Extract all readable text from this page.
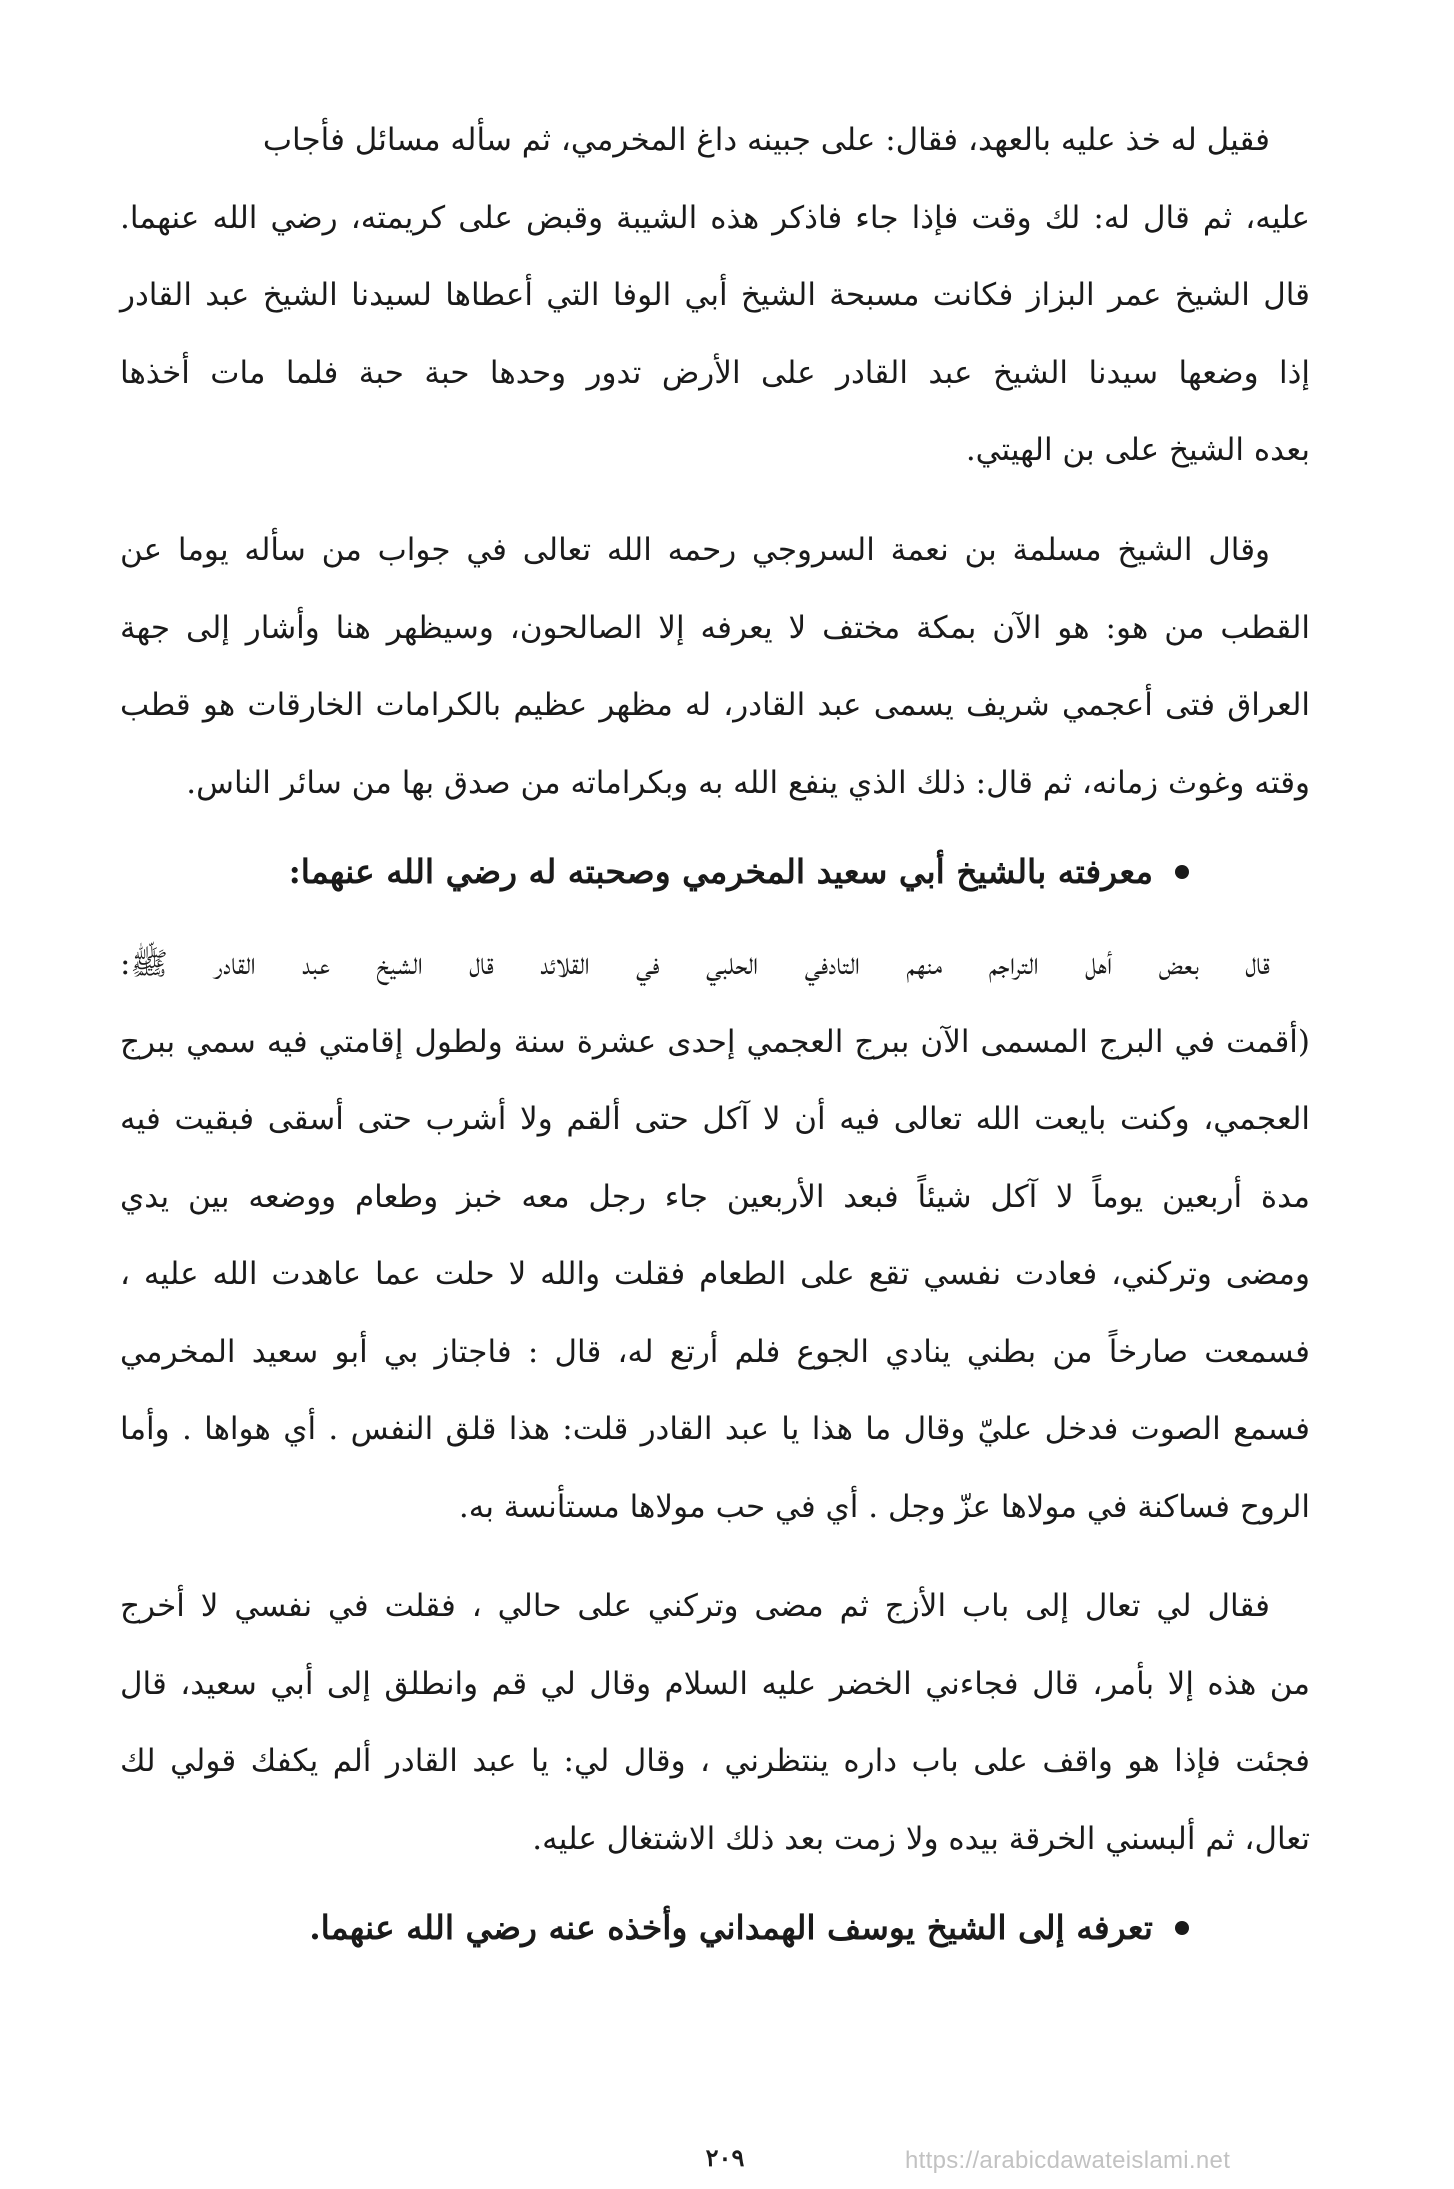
فقيل له خذ عليه بالعهد، فقال: على جبينه داغ المخرمي، ثم سأله مسائل فأجاب
عليه، ثم قال له: لك وقت فإذا جاء فاذكر هذه الشيبة وقبض على كريمته، رضي الله عنهما.
قال الشيخ عمر البزاز فكانت مسبحة الشيخ أبي الوفا التي أعطاها لسيدنا الشيخ عبد القادر
إذا وضعها سيدنا الشيخ عبد القادر على الأرض تدور وحدها حبة حبة فلما مات أخذها
بعده الشيخ على بن الهيتي.

وقال الشيخ مسلمة بن نعمة السروجي رحمه الله تعالى في جواب من سأله يوما عن
القطب من هو: هو الآن بمكة مختف لا يعرفه إلا الصالحون، وسيظهر هنا وأشار إلى جهة
العراق فتى أعجمي شريف يسمى عبد القادر، له مظهر عظيم بالكرامات الخارقات هو قطب
وقته وغوث زمانه، ثم قال: ذلك الذي ينفع الله به وبكراماته من صدق بها من سائر الناس.

معرفته بالشيخ أبي سعيد المخرمي وصحبته له رضي الله عنهما:

قال بعض أهل التراجم منهم التادفي الحلبي في القلائد قال الشيخ عبد القادر ﷺ:
(أقمت في البرج المسمى الآن ببرج العجمي إحدى عشرة سنة ولطول إقامتي فيه سمي ببرج
العجمي، وكنت بايعت الله تعالى فيه أن لا آكل حتى ألقم ولا أشرب حتى أسقى فبقيت فيه
مدة أربعين يوماً لا آكل شيئاً فبعد الأربعين جاء رجل معه خبز وطعام ووضعه بين يدي
ومضى وتركني، فعادت نفسي تقع على الطعام فقلت والله لا حلت عما عاهدت الله عليه ،
فسمعت صارخاً من بطني ينادي الجوع فلم أرتع له، قال : فاجتاز بي أبو سعيد المخرمي
فسمع الصوت فدخل عليّ وقال ما هذا يا عبد القادر قلت: هذا قلق النفس . أي هواها . وأما
الروح فساكنة في مولاها عزّ وجل . أي في حب مولاها مستأنسة به.

فقال لي تعال إلى باب الأزج ثم مضى وتركني على حالي ، فقلت في نفسي لا أخرج
من هذه إلا بأمر، قال فجاءني الخضر عليه السلام وقال لي قم وانطلق إلى أبي سعيد، قال
فجئت فإذا هو واقف على باب داره ينتظرني ، وقال لي: يا عبد القادر ألم يكفك قولي لك
تعال، ثم ألبسني الخرقة بيده ولا زمت بعد ذلك الاشتغال عليه.

تعرفه إلى الشيخ يوسف الهمداني وأخذه عنه رضي الله عنهما.
٢٠٩	https://arabicdawateislami.net
